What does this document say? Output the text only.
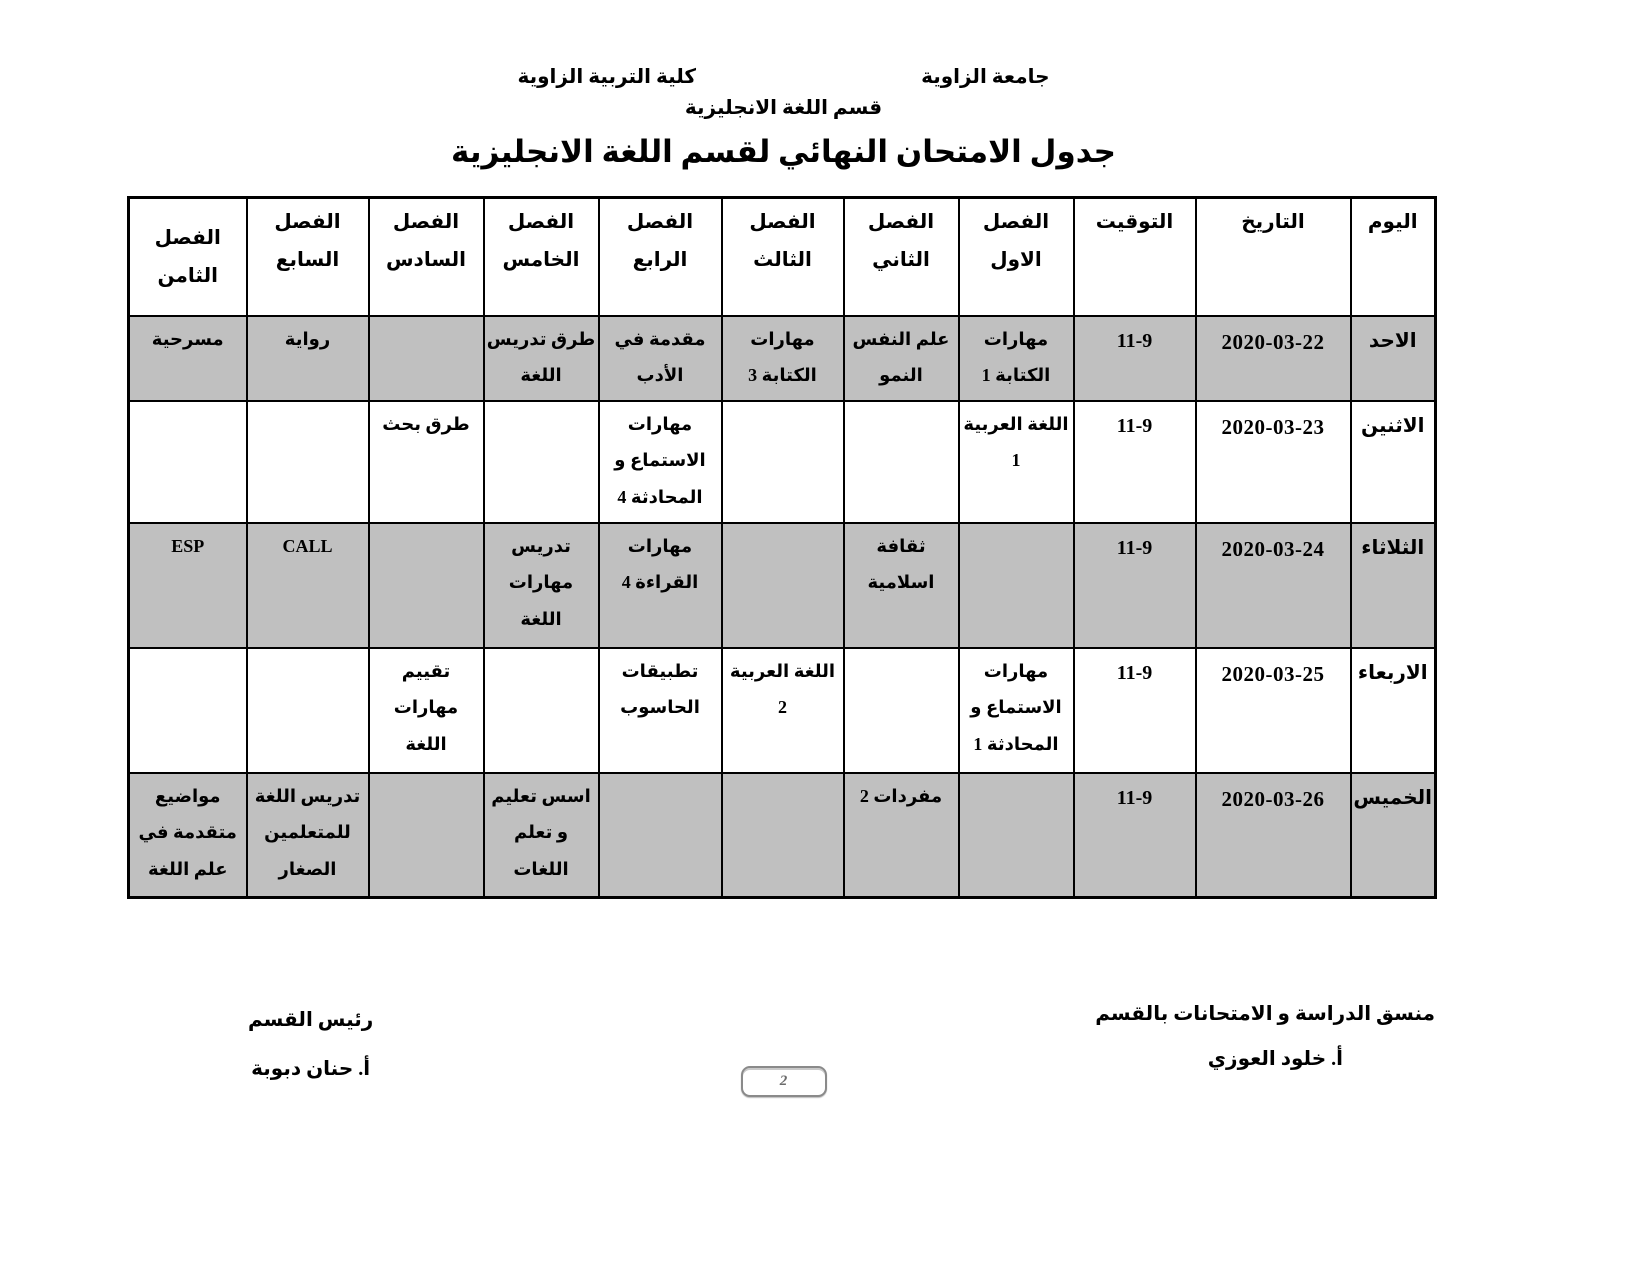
جامعة الزاوية
كلية التربية الزاوية
قسم اللغة الانجليزية
جدول الامتحان النهائي لقسم اللغة الانجليزية
اليوم	التاريخ	التوقيت	الفصل الاول	الفصل الثاني	الفصل الثالث	الفصل الرابع	الفصل الخامس	الفصل السادس	الفصل السابع	الفصل الثامن
الاحد	2020-03-22	11-9	مهارات الكتابة 1	علم النفس النمو	مهارات الكتابة 3	مقدمة في الأدب	طرق تدريس اللغة		رواية	مسرحية
الاثنين	2020-03-23	11-9	اللغة العربية 1			مهارات الاستماع و المحادثة 4		طرق بحث		
الثلاثاء	2020-03-24	11-9		ثقافة اسلامية		مهارات القراءة 4	تدريس مهارات اللغة		CALL	ESP
الاربعاء	2020-03-25	11-9	مهارات الاستماع و المحادثة 1		اللغة العربية 2	تطبيقات الحاسوب		تقييم مهارات اللغة		
الخميس	2020-03-26	11-9		مفردات 2			اسس تعليم و تعلم اللغات		تدريس اللغة للمتعلمين الصغار	مواضيع متقدمة في علم اللغة
منسق الدراسة و الامتحانات بالقسم
أ. خلود العوزي
رئيس القسم
أ. حنان دبوبة
2
